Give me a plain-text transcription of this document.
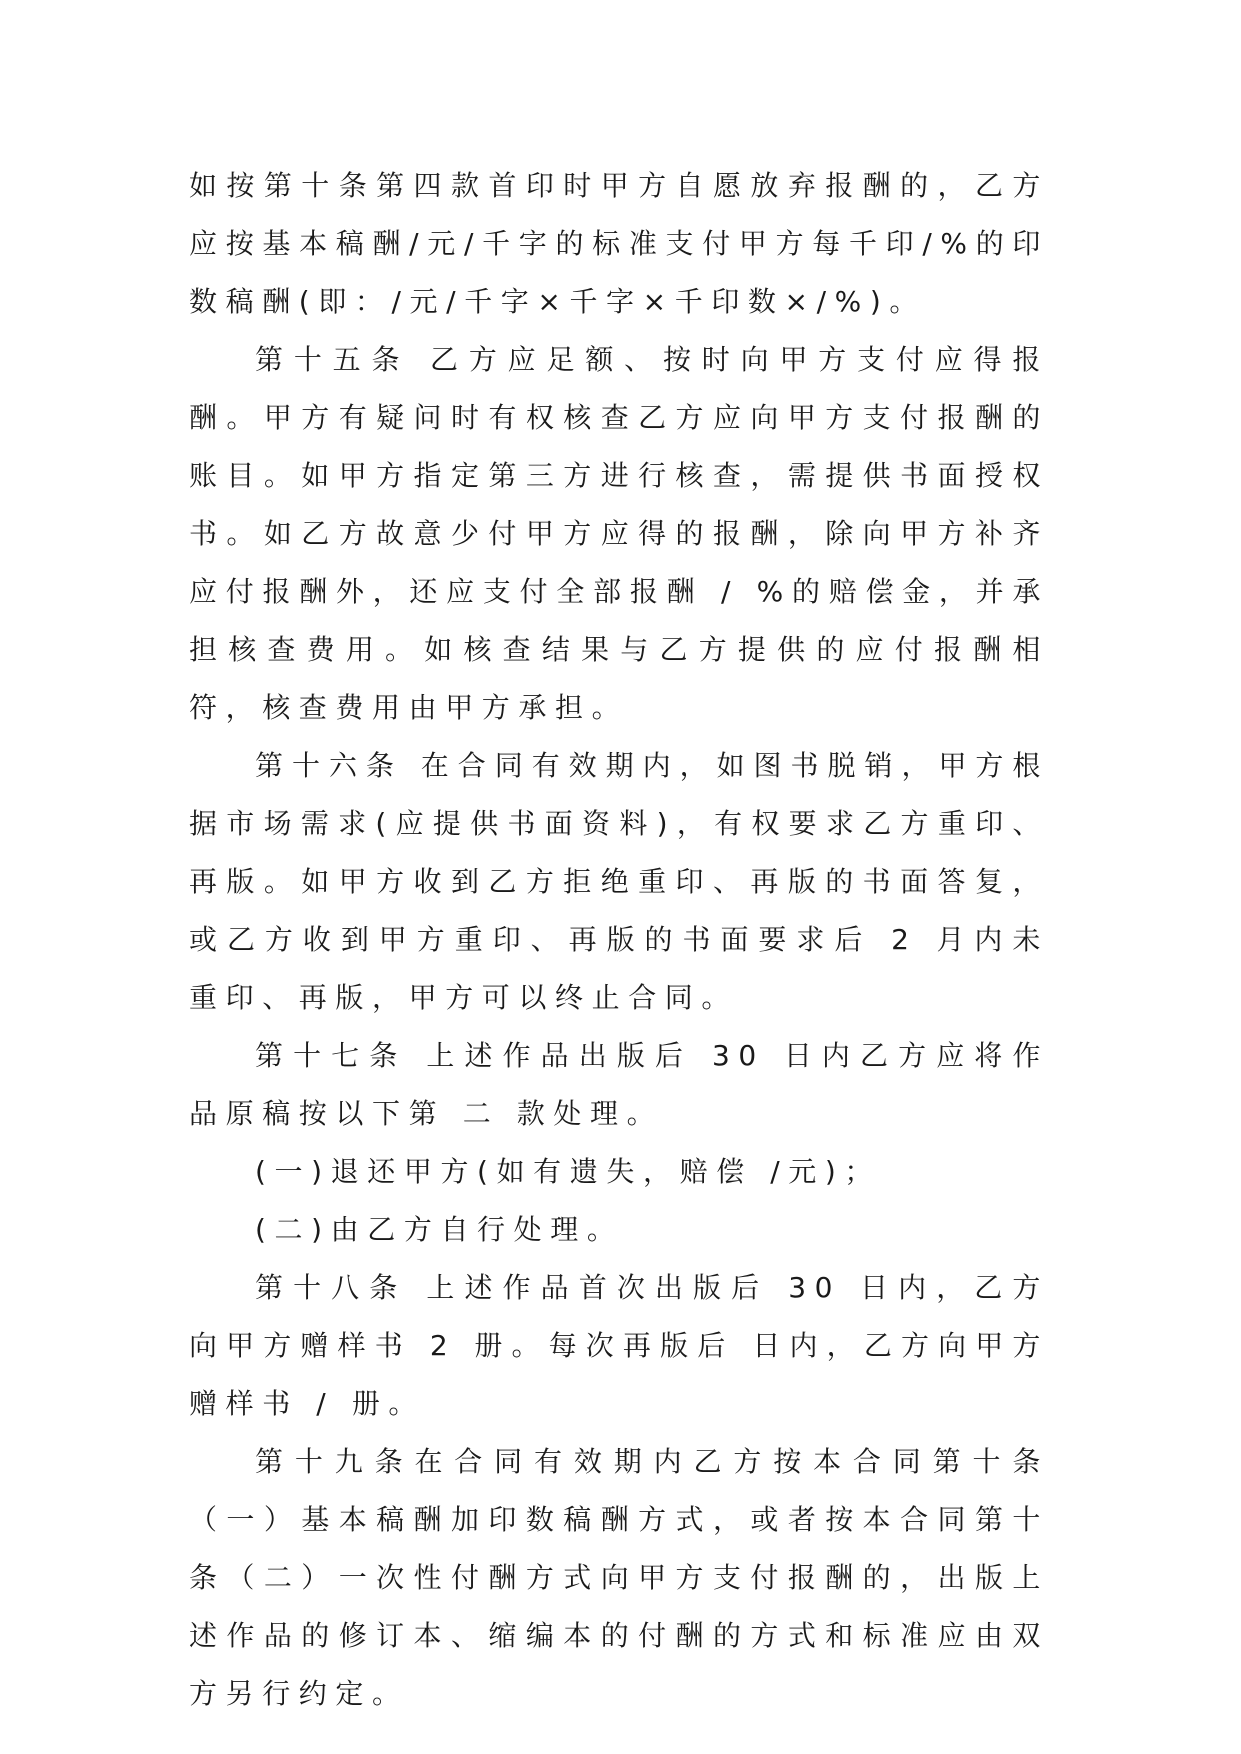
如按第十条第四款首印时甲方自愿放弃报酬的，乙方应按基本稿酬/元/千字的标准支付甲方每千印/%的印数稿酬(即：/元/千字×千字×千印数×/%)。

第十五条 乙方应足额、按时向甲方支付应得报酬。甲方有疑问时有权核查乙方应向甲方支付报酬的账目。如甲方指定第三方进行核查，需提供书面授权书。如乙方故意少付甲方应得的报酬，除向甲方补齐应付报酬外，还应支付全部报酬 / %的赔偿金，并承担核查费用。如核查结果与乙方提供的应付报酬相符，核查费用由甲方承担。

第十六条 在合同有效期内，如图书脱销，甲方根据市场需求(应提供书面资料)，有权要求乙方重印、再版。如甲方收到乙方拒绝重印、再版的书面答复，或乙方收到甲方重印、再版的书面要求后 2 月内未重印、再版，甲方可以终止合同。

第十七条 上述作品出版后 30 日内乙方应将作品原稿按以下第 二 款处理。

(一)退还甲方(如有遗失，赔偿 /元)；

(二)由乙方自行处理。

第十八条 上述作品首次出版后 30 日内，乙方向甲方赠样书 2 册。每次再版后 日内，乙方向甲方赠样书 / 册。

第十九条在合同有效期内乙方按本合同第十条（一）基本稿酬加印数稿酬方式，或者按本合同第十条（二）一次性付酬方式向甲方支付报酬的，出版上述作品的修订本、缩编本的付酬的方式和标准应由双方另行约定。
